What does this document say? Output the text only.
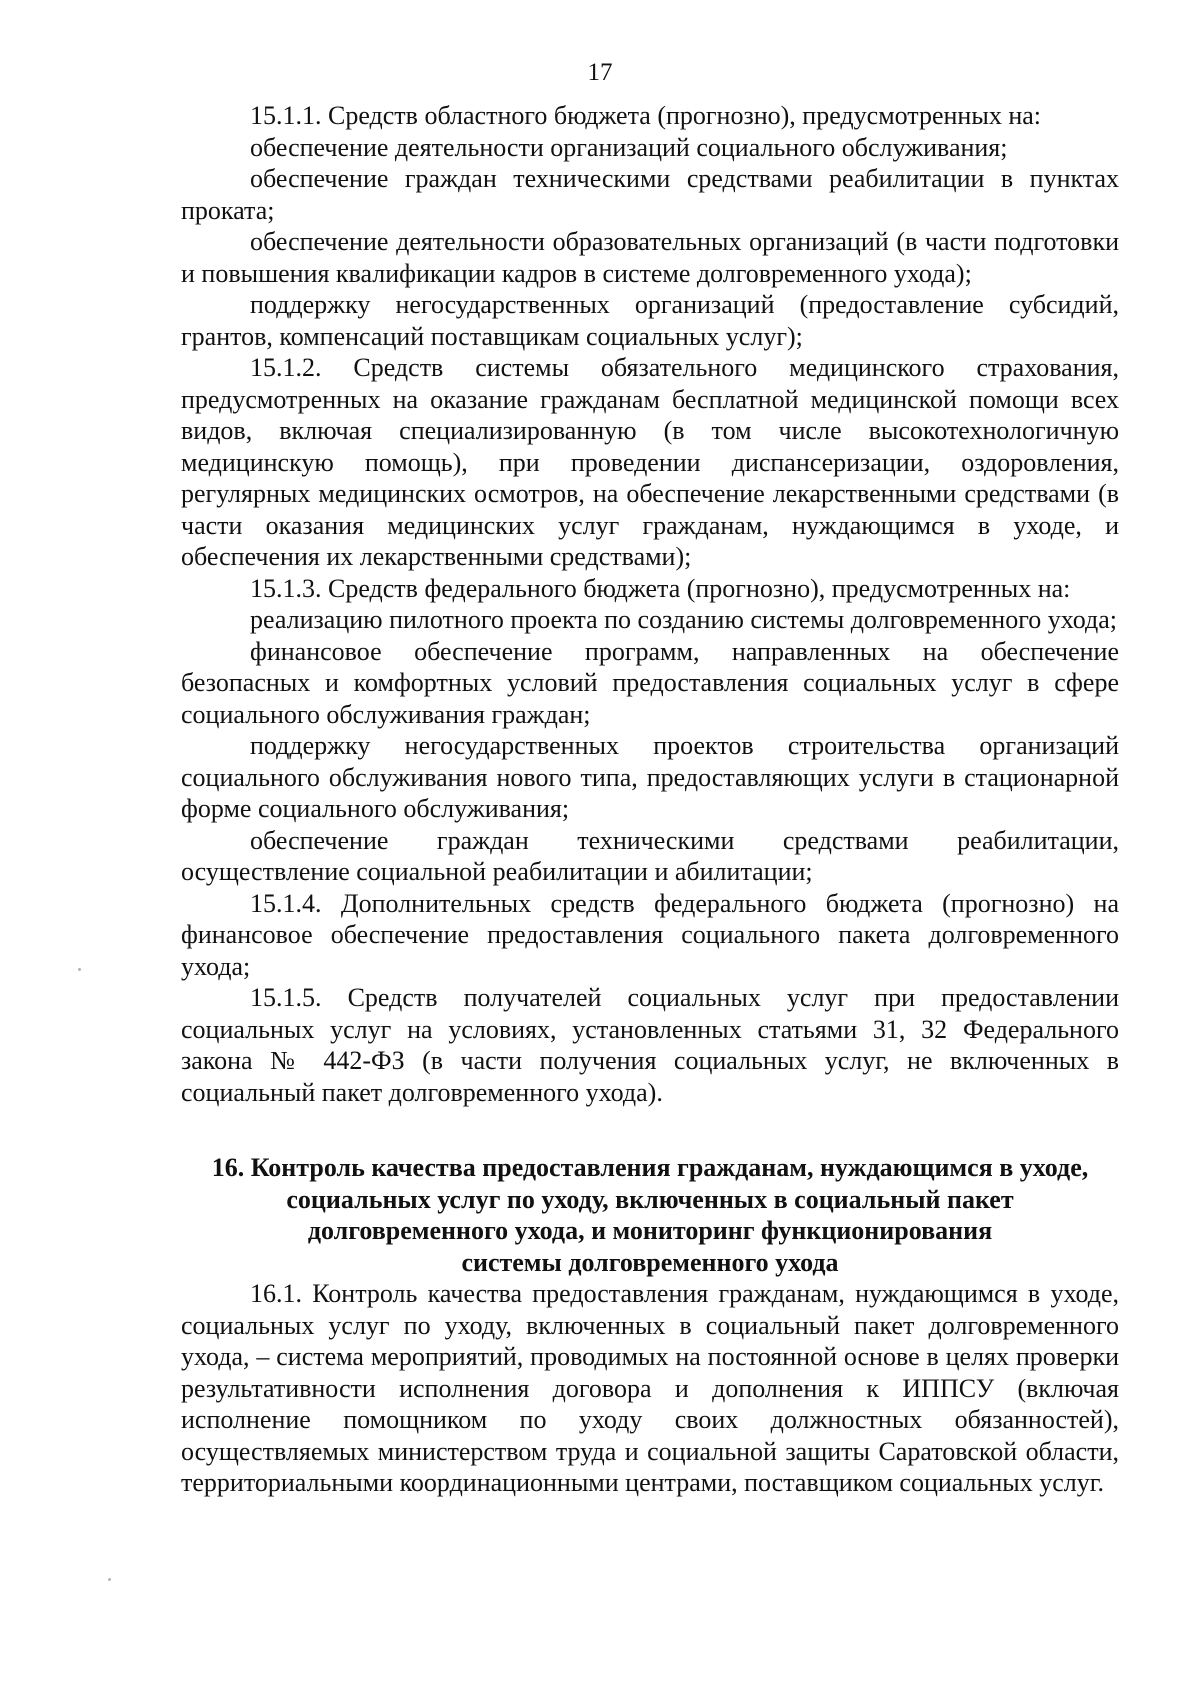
17

15.1.1. Средств областного бюджета (прогнозно), предусмотренных на:

обеспечение деятельности организаций социального обслуживания;

обеспечение граждан техническими средствами реабилитации в пунктах проката;

обеспечение деятельности образовательных организаций (в части подготовки и повышения квалификации кадров в системе долговременного ухода);

поддержку негосударственных организаций (предоставление субсидий, грантов, компенсаций поставщикам социальных услуг);

15.1.2. Средств системы обязательного медицинского страхования, предусмотренных на оказание гражданам бесплатной медицинской помощи всех видов, включая специализированную (в том числе высокотехнологичную медицинскую помощь), при проведении диспансеризации, оздоровления, регулярных медицинских осмотров, на обеспечение лекарственными средствами (в части оказания медицинских услуг гражданам, нуждающимся в уходе, и обеспечения их лекарственными средствами);

15.1.3. Средств федерального бюджета (прогнозно), предусмотренных на:

реализацию пилотного проекта по созданию системы долговременного ухода;

финансовое обеспечение программ, направленных на обеспечение безопасных и комфортных условий предоставления социальных услуг в сфере социального обслуживания граждан;

поддержку негосударственных проектов строительства организаций социального обслуживания нового типа, предоставляющих услуги в стационарной форме социального обслуживания;

обеспечение граждан техническими средствами реабилитации, осуществление социальной реабилитации и абилитации;

15.1.4. Дополнительных средств федерального бюджета (прогнозно) на финансовое обеспечение предоставления социального пакета долговременного ухода;

15.1.5. Средств получателей социальных услуг при предоставлении социальных услуг на условиях, установленных статьями 31, 32 Федерального закона № 442-ФЗ (в части получения социальных услуг, не включенных в социальный пакет долговременного ухода).

16. Контроль качества предоставления гражданам, нуждающимся в уходе,
социальных услуг по уходу, включенных в социальный пакет
долговременного ухода, и мониторинг функционирования
системы долговременного ухода

16.1. Контроль качества предоставления гражданам, нуждающимся в уходе, социальных услуг по уходу, включенных в социальный пакет долговременного ухода, – система мероприятий, проводимых на постоянной основе в целях проверки результативности исполнения договора и дополнения к ИППСУ (включая исполнение помощником по уходу своих должностных обязанностей), осуществляемых министерством труда и социальной защиты Саратовской области, территориальными координационными центрами, поставщиком социальных услуг.
